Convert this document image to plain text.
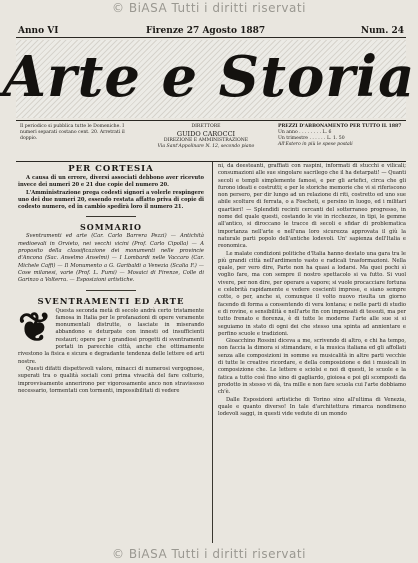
© BiASA Tutti i diritti riservati
Anno VI	Firenze 27 Agosto 1887	Num. 24
Arte e Storia
Il periodico si pubblica tutte le Domeniche. I numeri separati costano cent. 20. Arretrati il doppio.
DIRETTORE
GUIDO CAROCCI
DIREZIONE E AMMINISTRAZIONE
Via Sant'Appolinare N. 12, secondo piano
PREZZI D'ABBONAMENTO PER TUTTO IL 1887
Un anno . . . . . . . . L. 6
Un trimestre . . . . . . L. 1. 50
All'Estero in più le spese postali

PER CORTESIA

A causa di un errore, diversi associati debbono aver ricevuto invece dei numeri 20 e 21 due copie del numero 20.

L'Amministrazione prega codesti signori a volerle respingere uno dei due numeri 20, essendo restata affatto priva di copie di codesto numero, ed in cambio spedirà loro il numero 21.

SOMMARIO

Sventramenti ed arte (Car. Carlo Barrera Pezzi) — Antichità medioevali in Orvieto, nei vecchi vicini (Prof. Carlo Cipolla) — A proposito della classificazione dei monumenti nelle provincie d'Ancona (Sac. Anselmo Anselmi) — I Lombardi nelle Vaccaro (Car. Michele Caffi) — Il Monumento a G. Garibaldi a Venezia (Scalia F.) — Cose milanesi, varie (Prof. L. Fumi) — Mosaici di Firenze, Colle di Garinzo a Volterra. — Esposizioni artistiche.

SVENTRAMENTI ED ARTE

❦ Questa seconda metà di secolo andrà certo tristamente famosa in Italia per le profanazioni di opere veramente monumentali distrutte, o lasciate in miserando abbandono e deturpate con innesti od insufficienti restauri; opere per i grandiosi progetti di sventramenti portati in parecchie città, anche che ottimamente rivestono la fisica e sicura e degradante tendenza delle lettere ed arti nostre.

Questi difatti dispettevoli valore, minacci di numerosi vergognose, superati tra o qualità sociali coni prima vivacità del fare colturio, improvvisamente annerirono per vigorosamente anco non stravissoso necessario, tormentati con tormenti, impossibilitati di vedere

ni, da deesteanti, graffiati con raspini, informati di stucchi e vilicali; consumazioni alle sue singolare sacrilego che il ha detarpati! — Quanti secoli e templi simplemente famosi, e per gli artefici, circa che gli furono ideati e costrutti; e per le storiche memorie che vi si riferiscono non persero, per dir lungo ad un relazione di riti, costretto ed uno sue abile scolture di ferrata, o a Foscheti, e persino in luogo, ed i militari quartieri! — Splendidi recinti cercanti del sotterraneo progresso, in nome del quale questi, costando le vie in ricchezze, in tipi, le gemme all'antico, si diroccano le tracce di secoli e sfidar di problematica importanza nell'arte e nell'una loro sicurezza approvata il giù la naturale parti popolo dell'antiche lodevoli. Un' sapienza dell'Italia e reonomica.

Le malate condizioni politiche d'Italia hanno destato una gara tra le più grandi città nell'ardimento vasto e radicali trasformazioni. Nella quale, per vero dire, Parte non ha quasi a lodarsi. Ma quei pochi sì voglio fare, ma con sempre il nostro spettacolo si va futto. Si vuol vivere, per non dire, per operare a vapore; si vuole procacciare fortuna e celebrità rapidamente e vedere coscienti imprese, e siano sempre cotte, o per, anche si, comunque il volto nuovo risulta un giorno facendo di forma a consentendo di vera lontana; e nelle parti di studio e di rovine, e sensibilità e nell'arte fin con impensati di tessuti, ma per tutto frenato e fiorenza, è di tutte le moderne l'arte alle sue si si seguiamo in stato di ogni dei che stesso una spinta ad annientare e perfino scuole e tradizioni.

Gioacchino Rossini diceva a me, scrivendo di altro, e chi ha tempo, non faccia la dimora si stimandare, e la musica italiana ed gli affollati senza alle composizioni in somme su musicalità in altre parti vecchie di tutte le creative ricordare, e della composizione e dei i musicali in composizione che. Le lettere e sciolsi e noi di questi, le scuole e la fatica a tutto così fino sino di gagliardo, gioiosa e poi gli scomposti da prodotto in stesso vi dà, tra mille e non fare scuola cui l'arte dobbiamo ch'è.

Dalle Esposizioni artistiche di Torino sino all'ultima di Venezia, quale e quanto diverso! In tale d'architettura rimarca nondimeno lodevoli saggi, in questi vide vedute di un mondo

© BiASA Tutti i diritti riservati
